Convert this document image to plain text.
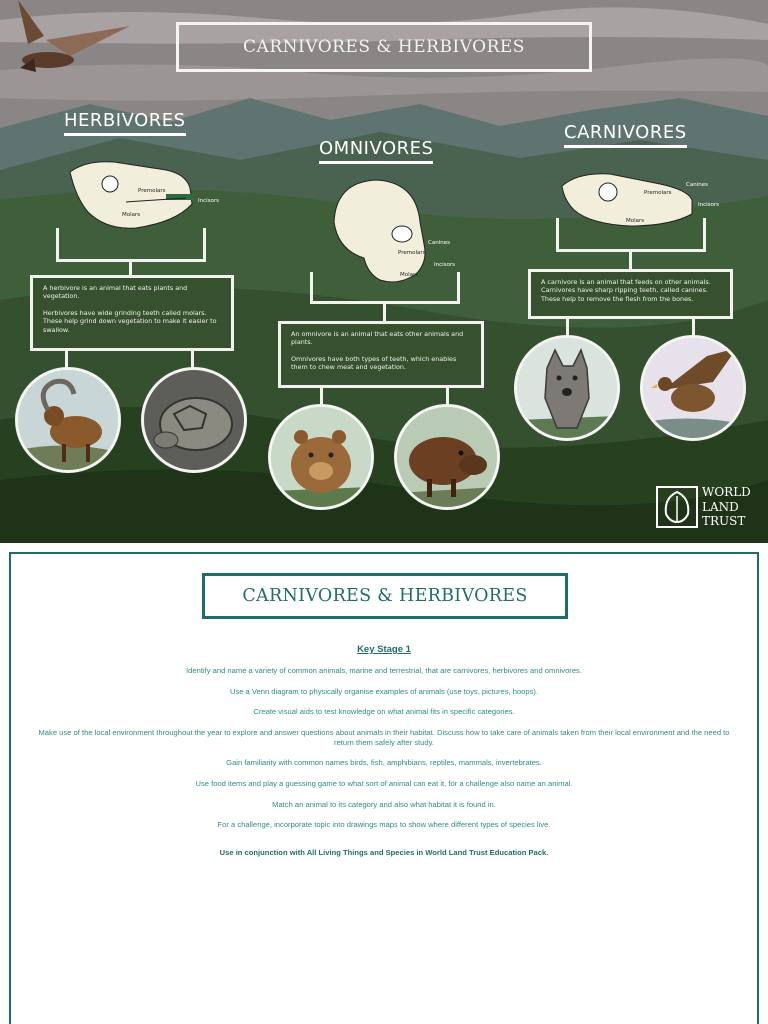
CARNIVORES & HERBIVORES
HERBIVORES
OMNIVORES
CARNIVORES
Premolars
Molars
Incisors
Canines
Premolars
Molars
Incisors
Premolars
Canines
Incisors
Molars

A herbivore is an animal that eats plants and vegetation.

Herbivores have wide grinding teeth called molars. These help grind down vegetation to make it easier to swallow.

An omnivore is an animal that eats other animals and plants.

Omnivores have both types of teeth, which enables them to chew meat and vegetation.

A carnivore is an animal that feeds on other animals. Carnivores have sharp ripping teeth, called canines. These help to remove the flesh from the bones.

WORLD
LAND
TRUST
CARNIVORES & HERBIVORES
Key Stage 1
Identify and name a variety of common animals, marine and terrestrial, that are carnivores, herbivores and omnivores.
Use a Venn diagram to physically organise examples of animals (use toys, pictures, hoops).
Create visual aids to test knowledge on what animal fits in specific categories.
Make use of the local environment throughout the year to explore and answer questions about animals in their habitat. Discuss how to take care of animals taken from their local environment and the need to return them safely after study.
Gain familiarity with common names birds, fish, amphibians, reptiles, mammals, invertebrates.
Use food items and play a guessing game to what sort of animal can eat it, for a challenge also name an animal.
Match an animal to its category and also what habitat it is found in.
For a challenge, incorporate topic into drawings maps to show where different types of species live.
Use in conjunction with All Living Things and Species in World Land Trust Education Pack.
